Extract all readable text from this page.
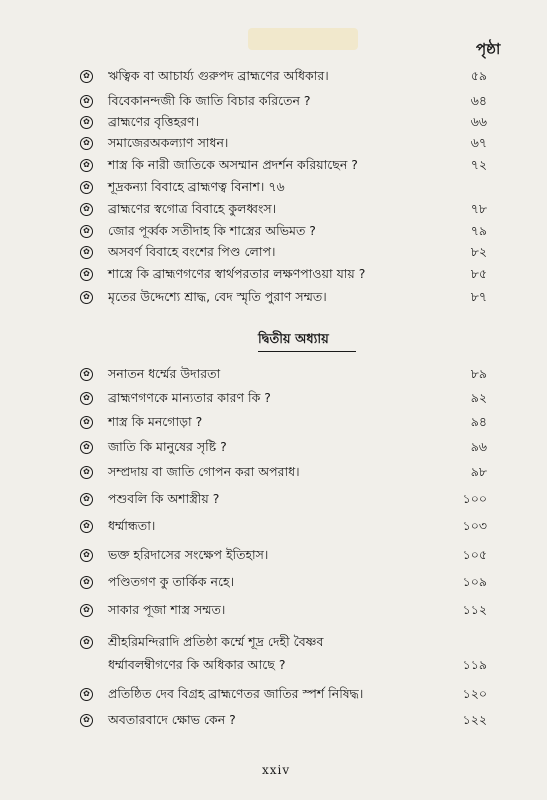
পৃষ্ঠা
✿ ঋত্বিক বা আচার্য্য গুরুপদ ব্রাহ্মণের অধিকার।	৫৯
✿ বিবেকানন্দজী কি জাতি বিচার করিতেন ?	৬৪
✿ ব্রাহ্মণের বৃত্তিহরণ।	৬৬
✿ সমাজেরঅকল্যাণ সাধন।	৬৭
✿ শাস্ত্র কি নারী জাতিকে অসম্মান প্রদর্শন করিয়াছেন ?	৭২
✿ শূদ্রকন্যা বিবাহে ব্রাহ্মণত্ব বিনাশ। ৭৬
✿ ব্রাহ্মণের স্বগোত্র বিবাহে কুলধ্বংস।	৭৮
✿ জোর পূর্ব্বক সতীদাহ কি শাস্ত্রের অভিমত ?	৭৯
✿ অসবর্ণ বিবাহে বংশের পিণ্ড লোপ।	৮২
✿ শাস্ত্রে কি ব্রাহ্মণগণের স্বার্থপরতার লক্ষণপাওয়া যায় ?	৮৫
✿ মৃতের উদ্দেশ্যে শ্রাদ্ধ, বেদ স্মৃতি পুরাণ সম্মত।	৮৭
দ্বিতীয় অধ্যায়
✿ সনাতন ধর্ম্মের উদারতা	৮৯
✿ ব্রাহ্মণগণকে মান্যতার কারণ কি ?	৯২
✿ শাস্ত্র কি মনগোড়া ?	৯৪
✿ জাতি কি মানুষের সৃষ্টি ?	৯৬
✿ সম্প্রদায় বা জাতি গোপন করা অপরাধ।	৯৮
✿ পশুবলি কি অশাস্ত্রীয় ?	১০০
✿ ধর্ম্মান্ধতা।	১০৩
✿ ভক্ত হরিদাসের সংক্ষেপ ইতিহাস।	১০৫
✿ পণ্ডিতগণ কু তার্কিক নহে।	১০৯
✿ সাকার পূজা শাস্ত্র সম্মত।	১১২
✿ শ্রীহরিমন্দিরাদি প্রতিষ্ঠা কর্ম্মে শূদ্র দেহী বৈষ্ণব
ধর্ম্মাবলম্বীগণের কি অধিকার আছে ?	১১৯
✿ প্রতিষ্ঠিত দেব বিগ্রহ ব্রাহ্মণেতর জাতির স্পর্শ নিষিদ্ধ।	১২০
✿ অবতারবাদে ক্ষোভ কেন ?	১২২
xxiv
